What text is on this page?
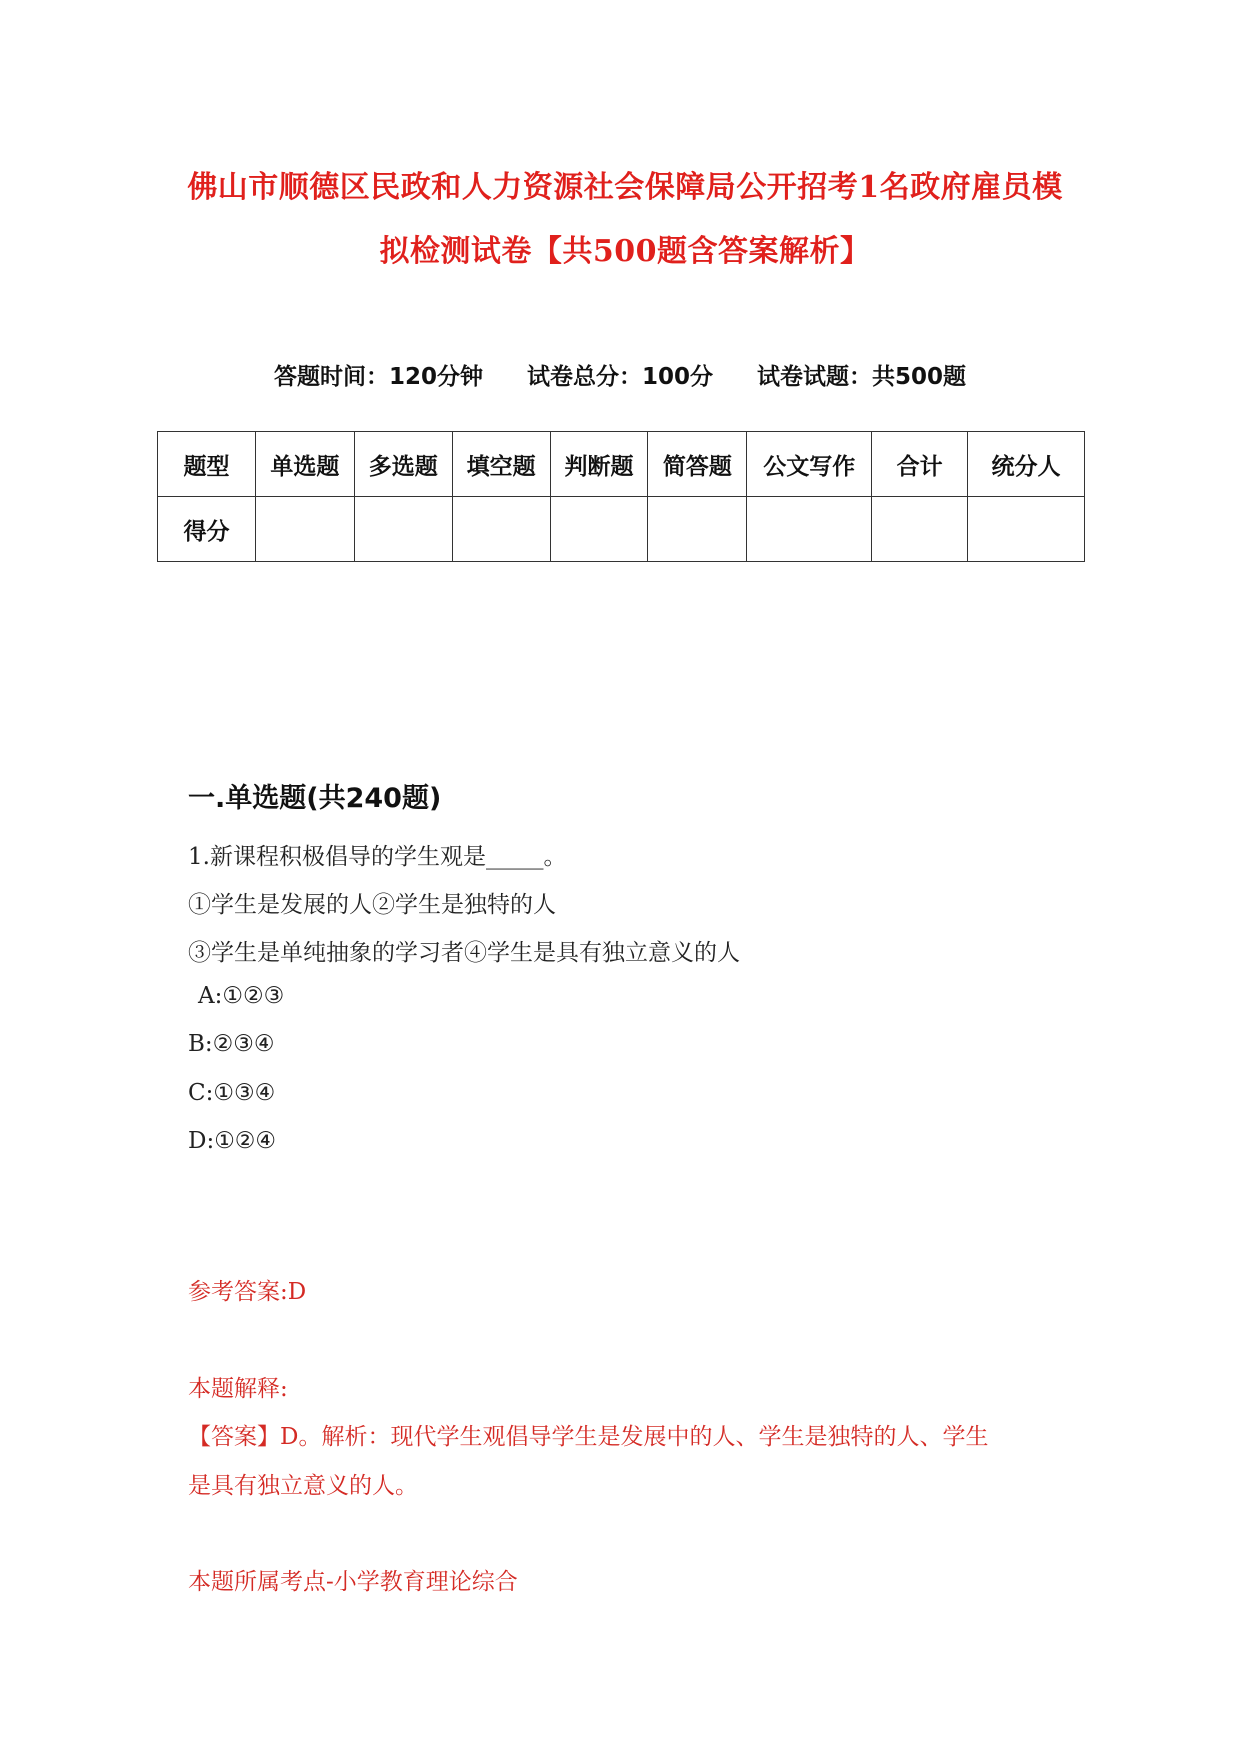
佛山市顺德区民政和人力资源社会保障局公开招考1名政府雇员模
拟检测试卷【共500题含答案解析】
答题时间：120分钟 试卷总分：100分 试卷试题：共500题
题型	单选题	多选题	填空题	判断题	简答题	公文写作	合计	统分人
得分								
一.单选题(共240题)
1.新课程积极倡导的学生观是_____。
①学生是发展的人②学生是独特的人
③学生是单纯抽象的学习者④学生是具有独立意义的人
A:①②③
B:②③④
C:①③④
D:①②④
参考答案:D
本题解释:
【答案】D。解析：现代学生观倡导学生是发展中的人、学生是独特的人、学生
是具有独立意义的人。
本题所属考点-小学教育理论综合
